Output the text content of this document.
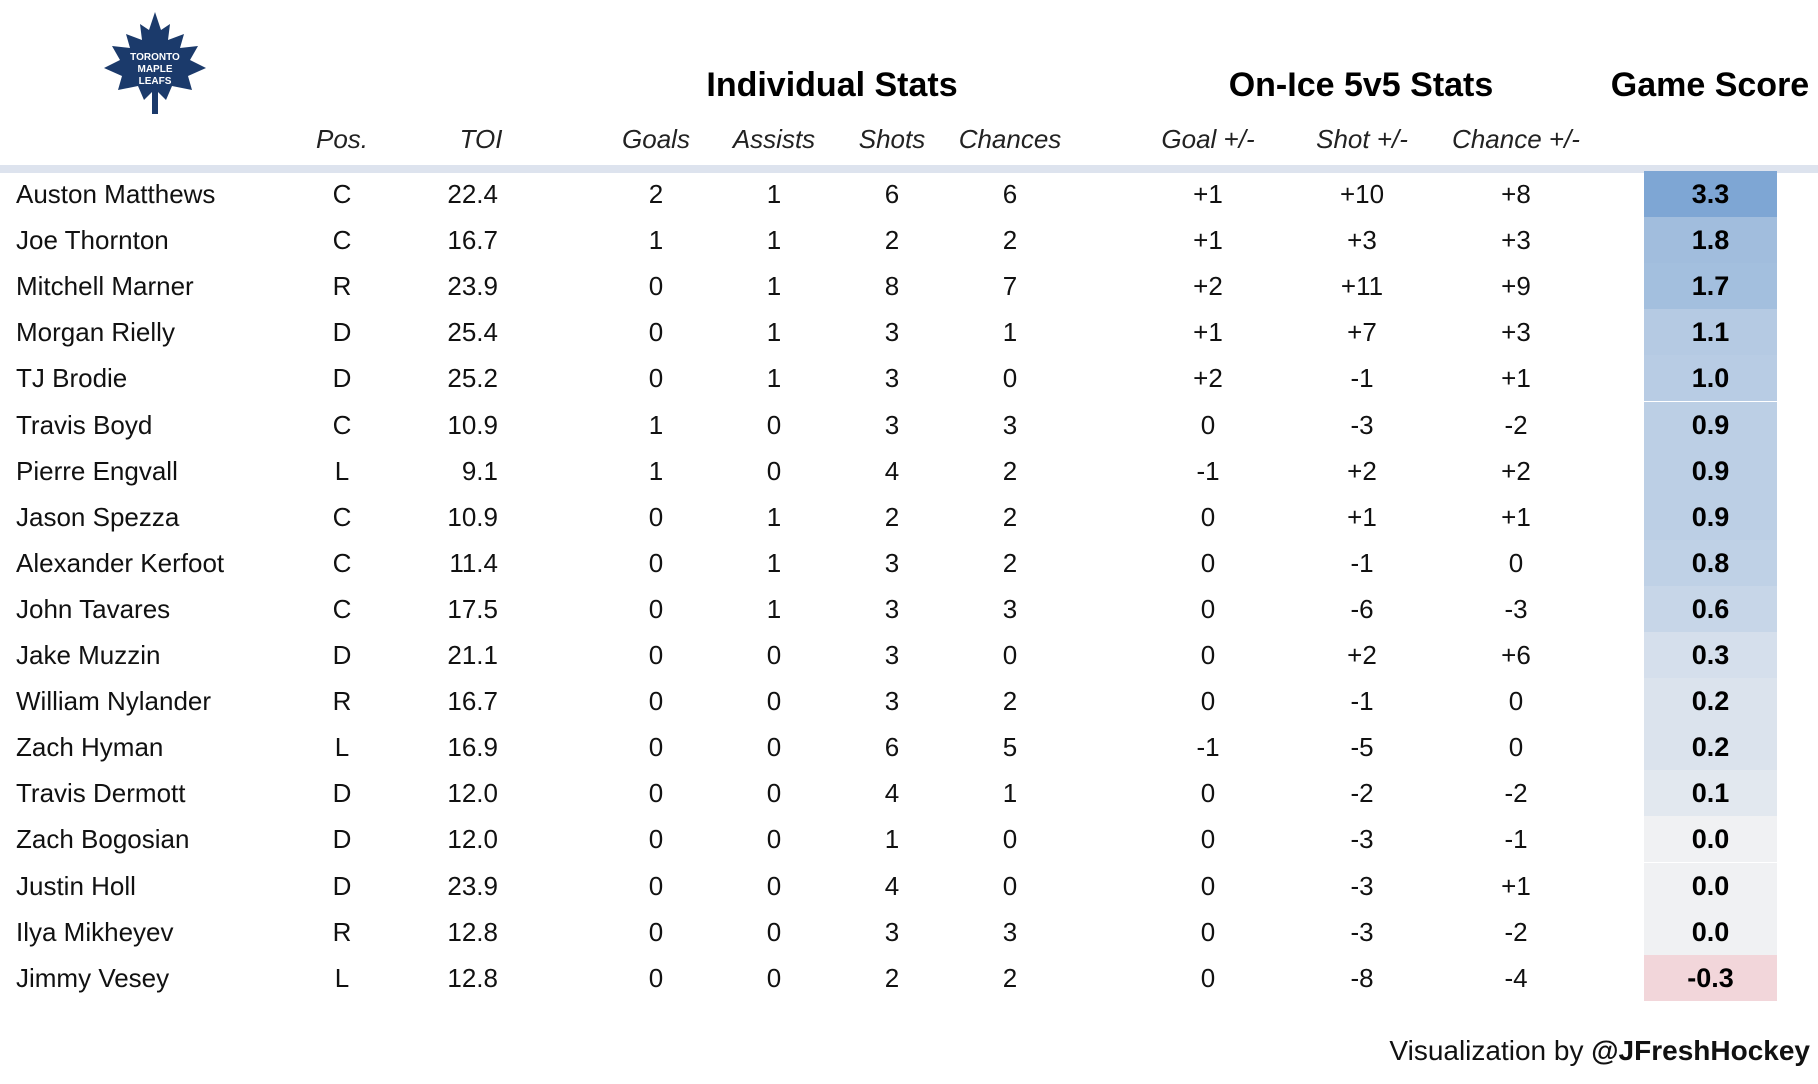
TORONTO
MAPLE
LEAFS	Individual Stats	On-Ice 5v5 Stats	Game Score
Pos.	TOI	Goals Assists Shots Chances	Goal +/- Shot +/- Chance +/-
Auston Matthews	C	22.4	2	1	6	6	+1	+10	+8	3.3
Joe Thornton	C	16.7	1	1	2	2	+1	+3	+3	1.8
Mitchell Marner	R	23.9	0	1	8	7	+2	+11	+9	1.7
Morgan Rielly	D	25.4	0	1	3	1	+1	+7	+3	1.1
TJ Brodie	D	25.2	0	1	3	0	+2	-1	+1	1.0
Travis Boyd	C	10.9	1	0	3	3	0	-3	-2	0.9
Pierre Engvall	L	9.1	1	0	4	2	-1	+2	+2	0.9
Jason Spezza	C	10.9	0	1	2	2	0	+1	+1	0.9
Alexander Kerfoot	C	11.4	0	1	3	2	0	-1	0	0.8
John Tavares	C	17.5	0	1	3	3	0	-6	-3	0.6
Jake Muzzin	D	21.1	0	0	3	0	0	+2	+6	0.3
William Nylander	R	16.7	0	0	3	2	0	-1	0	0.2
Zach Hyman	L	16.9	0	0	6	5	-1	-5	0	0.2
Travis Dermott	D	12.0	0	0	4	1	0	-2	-2	0.1
Zach Bogosian	D	12.0	0	0	1	0	0	-3	-1	0.0
Justin Holl	D	23.9	0	0	4	0	0	-3	+1	0.0
Ilya Mikheyev	R	12.8	0	0	3	3	0	-3	-2	0.0
Jimmy Vesey	L	12.8	0	0	2	2	0	-8	-4	-0.3
Visualization by @JFreshHockey
